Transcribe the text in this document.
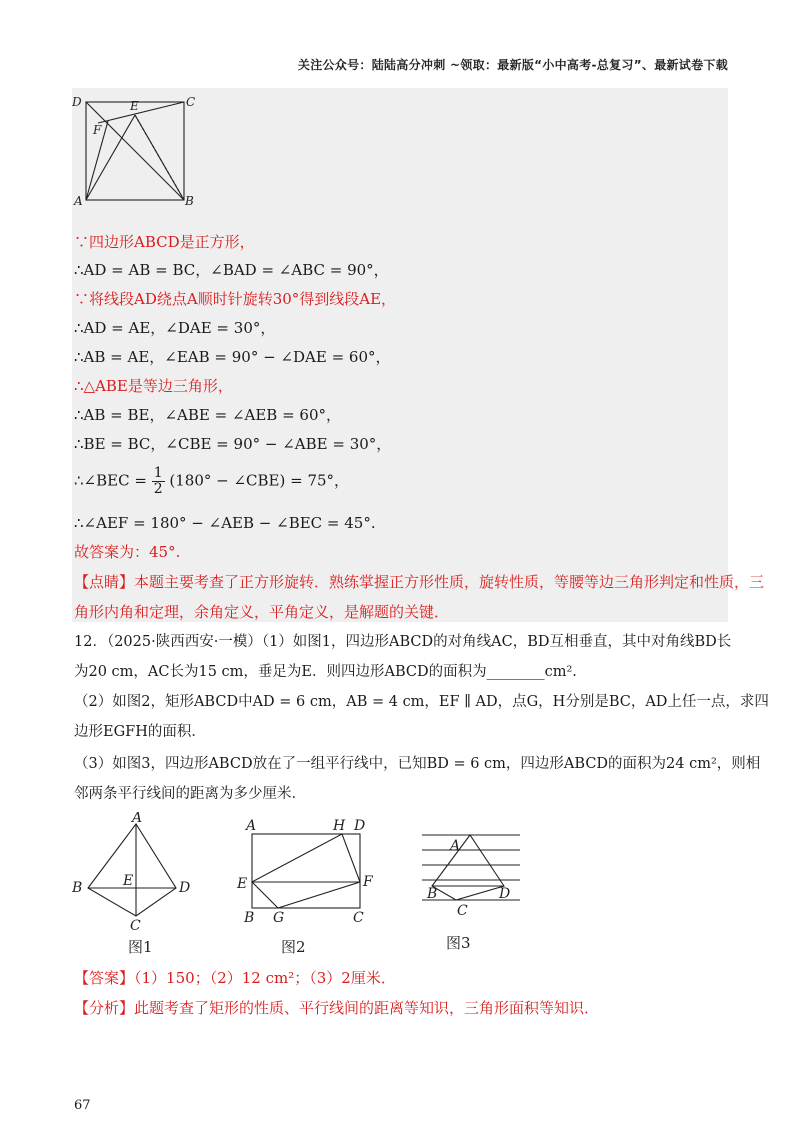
关注公众号：陆陆高分冲刺 ~领取：最新版“小中高考-总复习”、最新试卷下载
D	E	C
F
A	B
∵四边形ABCD是正方形，
∴AD = AB = BC，∠BAD = ∠ABC = 90°，
∵将线段AD绕点A顺时针旋转30°得到线段AE，
∴AD = AE，∠DAE = 30°，
∴AB = AE，∠EAB = 90° − ∠DAE = 60°，
∴△ABE是等边三角形，
∴AB = BE，∠ABE = ∠AEB = 60°，
∴BE = BC，∠CBE = 90° − ∠ABE = 30°，
∴∠BEC = $\frac{1}{2} (180^\circ$ − ∠CBE) = 75°，
∴∠AEF = 180° − ∠AEB − ∠BEC = 45°.
故答案为：45°.
【点睛】本题主要考查了正方形旋转．熟练掌握正方形性质，旋转性质，等腰等边三角形判定和性质，三
角形内角和定理，余角定义，平角定义，是解题的关键．
12．（2025·陕西西安·一模）（1）如图1，四边形ABCD的对角线AC，BD互相垂直，其中对角线BD长
为20 cm，AC长为15 cm，垂足为E．则四边形ABCD的面积为________cm².
（2）如图2，矩形ABCD中AD = 6 cm，AB = 4 cm，EF ∥ AD，点G，H分别是BC，AD上任一点，求四
边形EGFH的面积．
（3）如图3，四边形ABCD放在了一组平行线中，已知BD = 6 cm，四边形ABCD的面积为24 cm²，则相
邻两条平行线间的距离为多少厘米．
A
B	E	D
C
图1
A	H D
E	F
B G	C
图2
A
B	D
C
图3
【答案】（1）150；（2）12 cm²；（3）2厘米．
【分析】此题考查了矩形的性质、平行线间的距离等知识，三角形面积等知识．
67
